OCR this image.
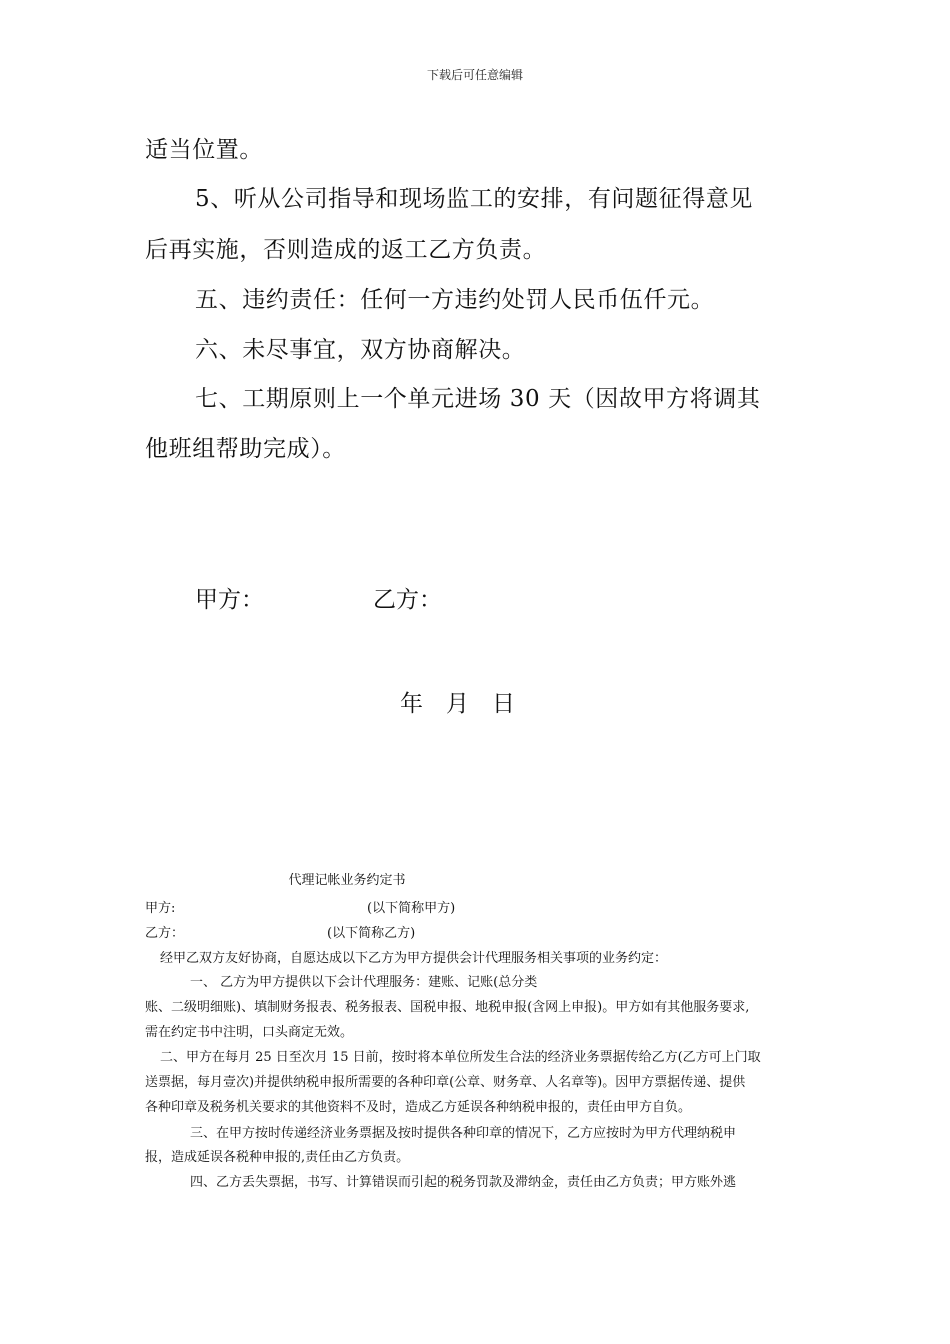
下载后可任意编辑
适当位置。
5、听从公司指导和现场监工的安排，有问题征得意见
后再实施，否则造成的返工乙方负责。
五、违约责任：任何一方违约处罚人民币伍仟元。
六、未尽事宜，双方协商解决。
七、工期原则上一个单元进场 30 天（因故甲方将调其
他班组帮助完成）。
甲方：	乙方：
年　月　日
代理记帐业务约定书
甲方:	(以下简称甲方)
乙方：	(以下简称乙方)
经甲乙双方友好协商，自愿达成以下乙方为甲方提供会计代理服务相关事项的业务约定：
一、 乙方为甲方提供以下会计代理服务：建账、记账(总分类
账、二级明细账)、填制财务报表、税务报表、国税申报、地税申报(含网上申报)。甲方如有其他服务要求,
需在约定书中注明，口头商定无效。
二、甲方在每月 25 日至次月 15 日前，按时将本单位所发生合法的经济业务票据传给乙方(乙方可上门取
送票据，每月壹次)并提供纳税申报所需要的各种印章(公章、财务章、人名章等)。因甲方票据传递、提供
各种印章及税务机关要求的其他资料不及时，造成乙方延误各种纳税申报的，责任由甲方自负。
三、在甲方按时传递经济业务票据及按时提供各种印章的情况下，乙方应按时为甲方代理纳税申
报，造成延误各税种申报的,责任由乙方负责。
四、乙方丢失票据，书写、计算错误而引起的税务罚款及滞纳金，责任由乙方负责；甲方账外逃
